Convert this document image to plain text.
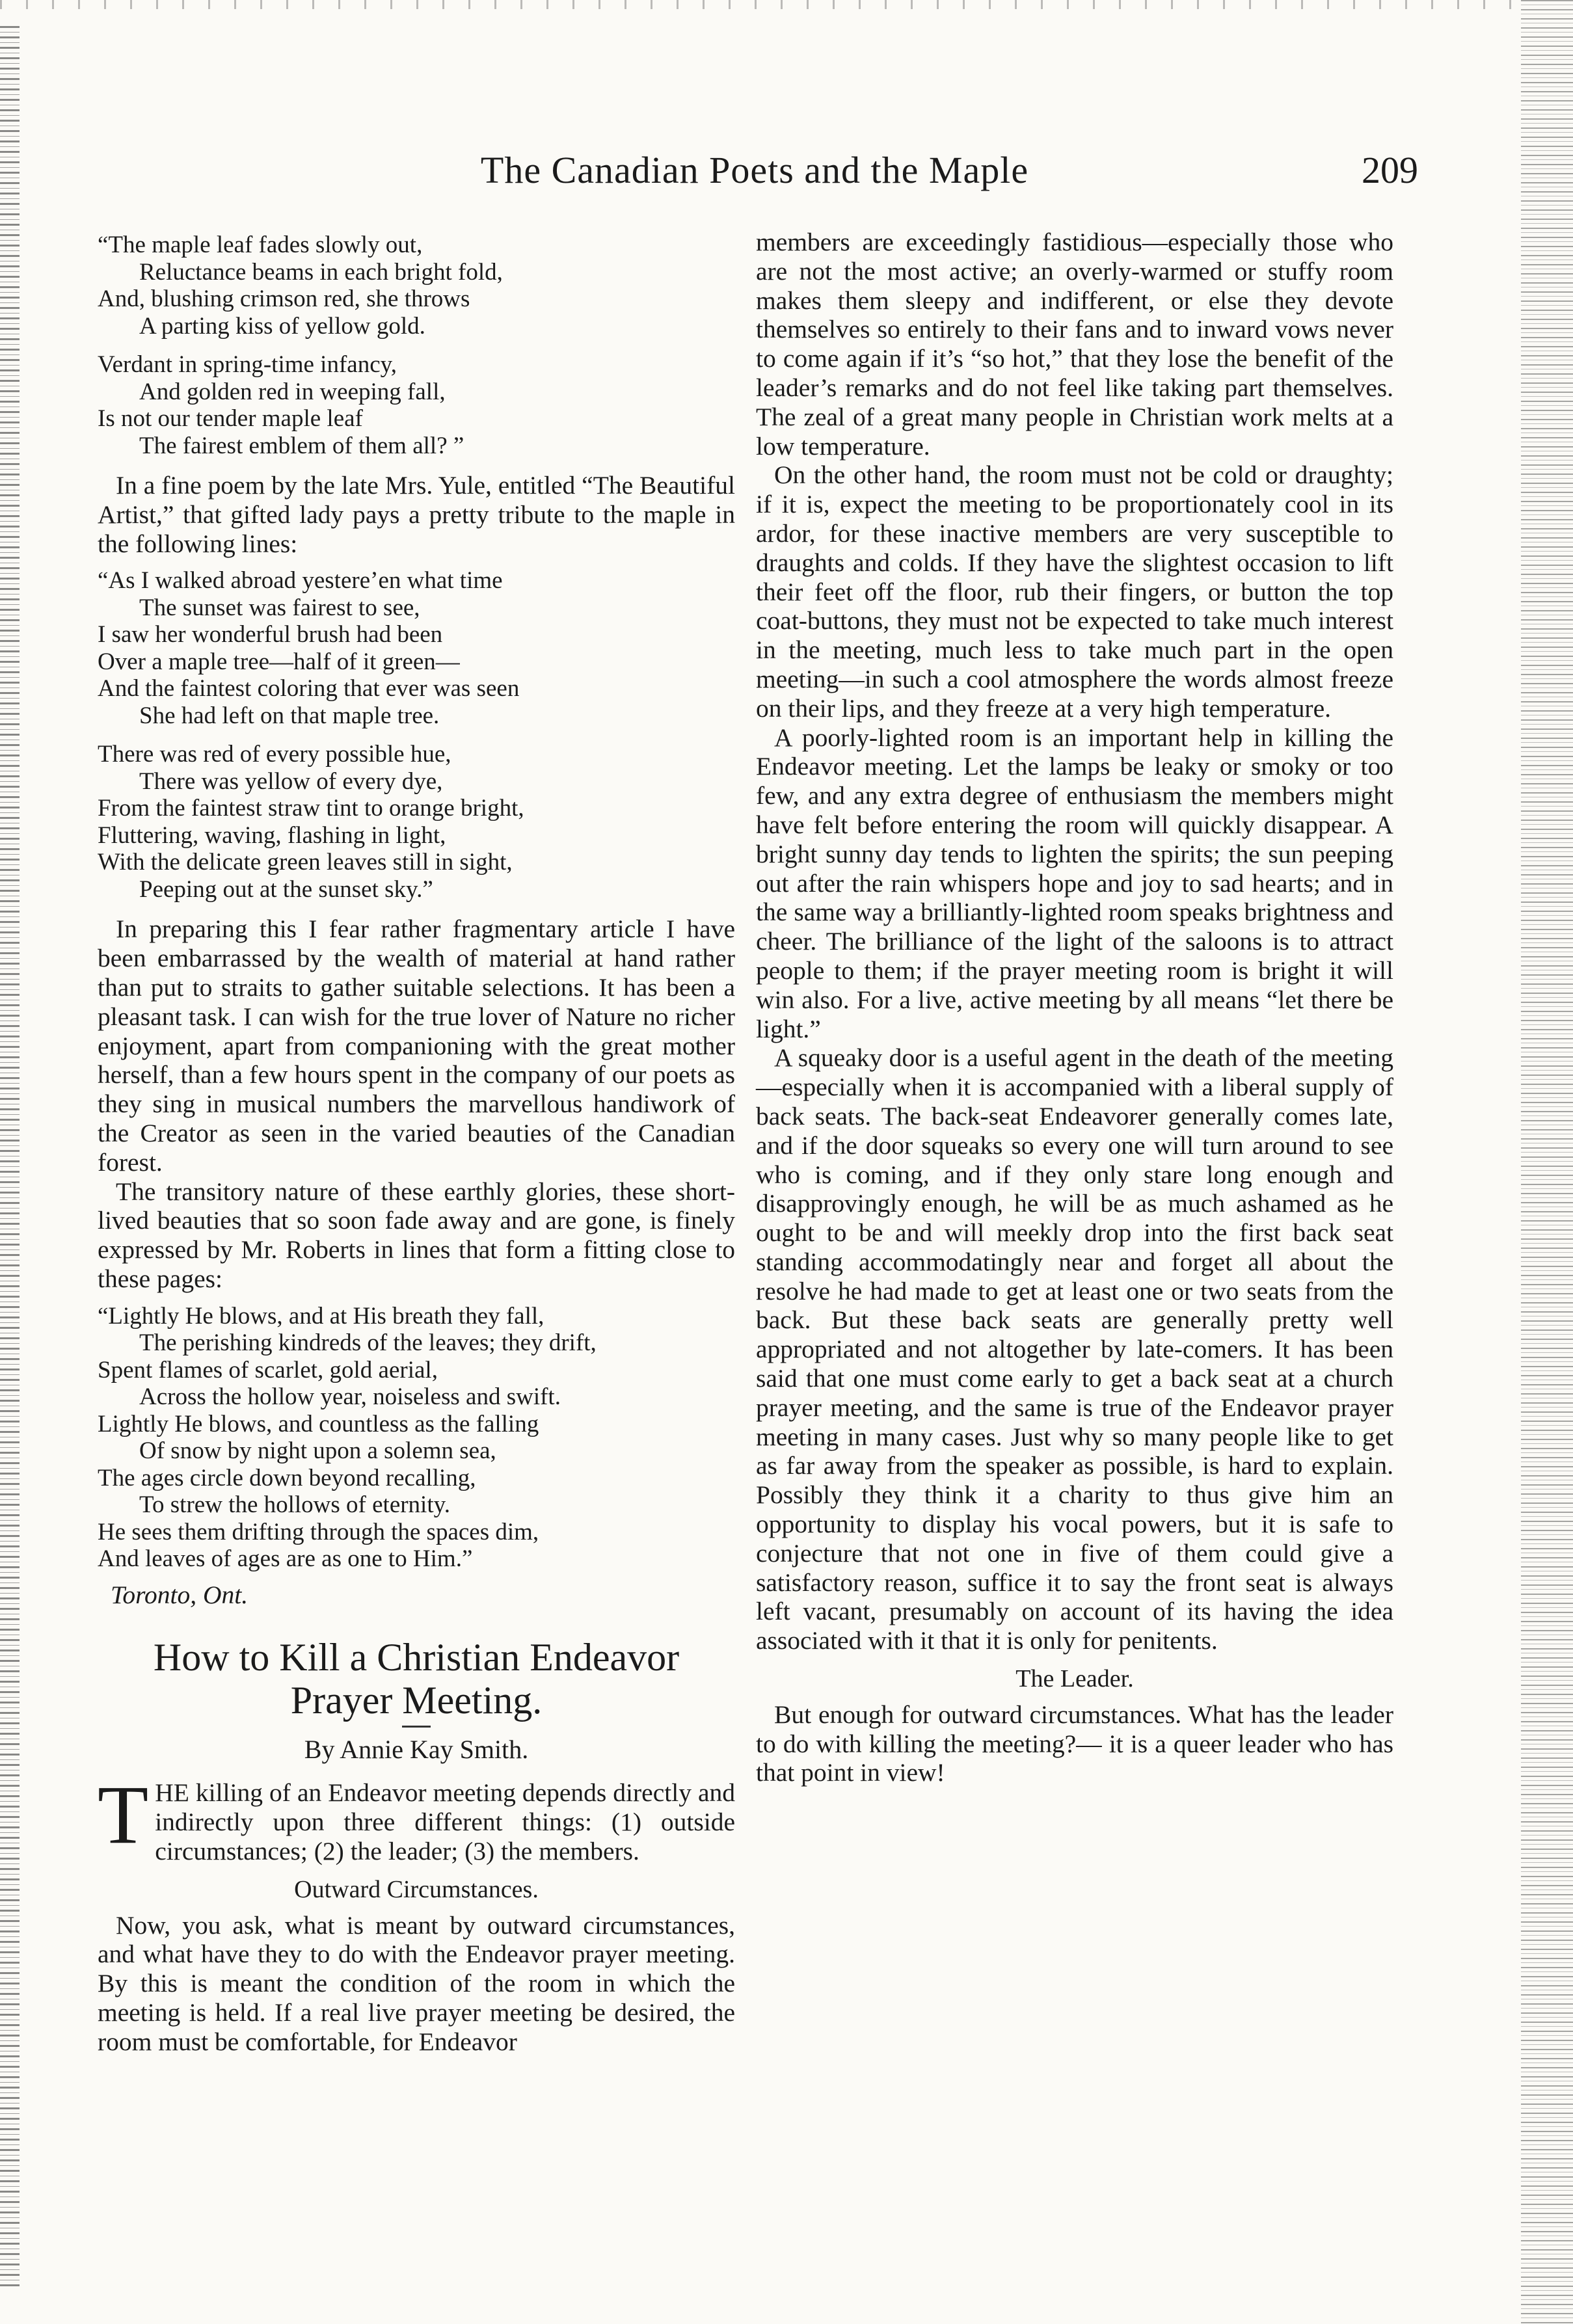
The Canadian Poets and the Maple	209
“The maple leaf fades slowly out,
Reluctance beams in each bright fold,
And, blushing crimson red, she throws
A parting kiss of yellow gold.
Verdant in spring-time infancy,
And golden red in weeping fall,
Is not our tender maple leaf
The fairest emblem of them all? ”

In a fine poem by the late Mrs. Yule, entitled “The Beautiful Artist,” that gifted lady pays a pretty tribute to the maple in the following lines:

“As I walked abroad yestere’en what time
The sunset was fairest to see,
I saw her wonderful brush had been
Over a maple tree—half of it green—
And the faintest coloring that ever was seen
She had left on that maple tree.
There was red of every possible hue,
There was yellow of every dye,
From the faintest straw tint to orange bright,
Fluttering, waving, flashing in light,
With the delicate green leaves still in sight,
Peeping out at the sunset sky.”

In preparing this I fear rather fragmentary article I have been embarrassed by the wealth of material at hand rather than put to straits to gather suitable selections. It has been a pleasant task. I can wish for the true lover of Nature no richer enjoyment, apart from companioning with the great mother herself, than a few hours spent in the company of our poets as they sing in musical numbers the marvellous handiwork of the Creator as seen in the varied beauties of the Canadian forest.

The transitory nature of these earthly glories, these short-lived beauties that so soon fade away and are gone, is finely expressed by Mr. Roberts in lines that form a fitting close to these pages:

“Lightly He blows, and at His breath they fall,
The perishing kindreds of the leaves; they drift,
Spent flames of scarlet, gold aerial,
Across the hollow year, noiseless and swift.
Lightly He blows, and countless as the falling
Of snow by night upon a solemn sea,
The ages circle down beyond recalling,
To strew the hollows of eternity.
He sees them drifting through the spaces dim,
And leaves of ages are as one to Him.”
Toronto, Ont.
How to Kill a Christian Endeavor
Prayer Meeting.
By Annie Kay Smith.

THE killing of an Endeavor meeting depends directly and indirectly upon three different things: (1) outside circumstances; (2) the leader; (3) the members.

Outward Circumstances.

Now, you ask, what is meant by outward circumstances, and what have they to do with the Endeavor prayer meeting. By this is meant the condition of the room in which the meeting is held. If a real live prayer meeting be desired, the room must be comfortable, for Endeavor

members are exceedingly fastidious—especially those who are not the most active; an overly-warmed or stuffy room makes them sleepy and indifferent, or else they devote themselves so entirely to their fans and to inward vows never to come again if it’s “so hot,” that they lose the benefit of the leader’s remarks and do not feel like taking part themselves. The zeal of a great many people in Christian work melts at a low temperature.

On the other hand, the room must not be cold or draughty; if it is, expect the meeting to be proportionately cool in its ardor, for these inactive members are very susceptible to draughts and colds. If they have the slightest occasion to lift their feet off the floor, rub their fingers, or button the top coat-buttons, they must not be expected to take much interest in the meeting, much less to take much part in the open meeting—in such a cool atmosphere the words almost freeze on their lips, and they freeze at a very high temperature.

A poorly-lighted room is an important help in killing the Endeavor meeting. Let the lamps be leaky or smoky or too few, and any extra degree of enthusiasm the members might have felt before entering the room will quickly disappear. A bright sunny day tends to lighten the spirits; the sun peeping out after the rain whispers hope and joy to sad hearts; and in the same way a brilliantly-lighted room speaks brightness and cheer. The brilliance of the light of the saloons is to attract people to them; if the prayer meeting room is bright it will win also. For a live, active meeting by all means “let there be light.”

A squeaky door is a useful agent in the death of the meeting—especially when it is accompanied with a liberal supply of back seats. The back-seat Endeavorer generally comes late, and if the door squeaks so every one will turn around to see who is coming, and if they only stare long enough and disapprovingly enough, he will be as much ashamed as he ought to be and will meekly drop into the first back seat standing accommodatingly near and forget all about the resolve he had made to get at least one or two seats from the back. But these back seats are generally pretty well appropriated and not altogether by late-comers. It has been said that one must come early to get a back seat at a church prayer meeting, and the same is true of the Endeavor prayer meeting in many cases. Just why so many people like to get as far away from the speaker as possible, is hard to explain. Possibly they think it a charity to thus give him an opportunity to display his vocal powers, but it is safe to conjecture that not one in five of them could give a satisfactory reason, suffice it to say the front seat is always left vacant, presumably on account of its having the idea associated with it that it is only for penitents.

The Leader.

But enough for outward circumstances. What has the leader to do with killing the meeting?— it is a queer leader who has that point in view!
